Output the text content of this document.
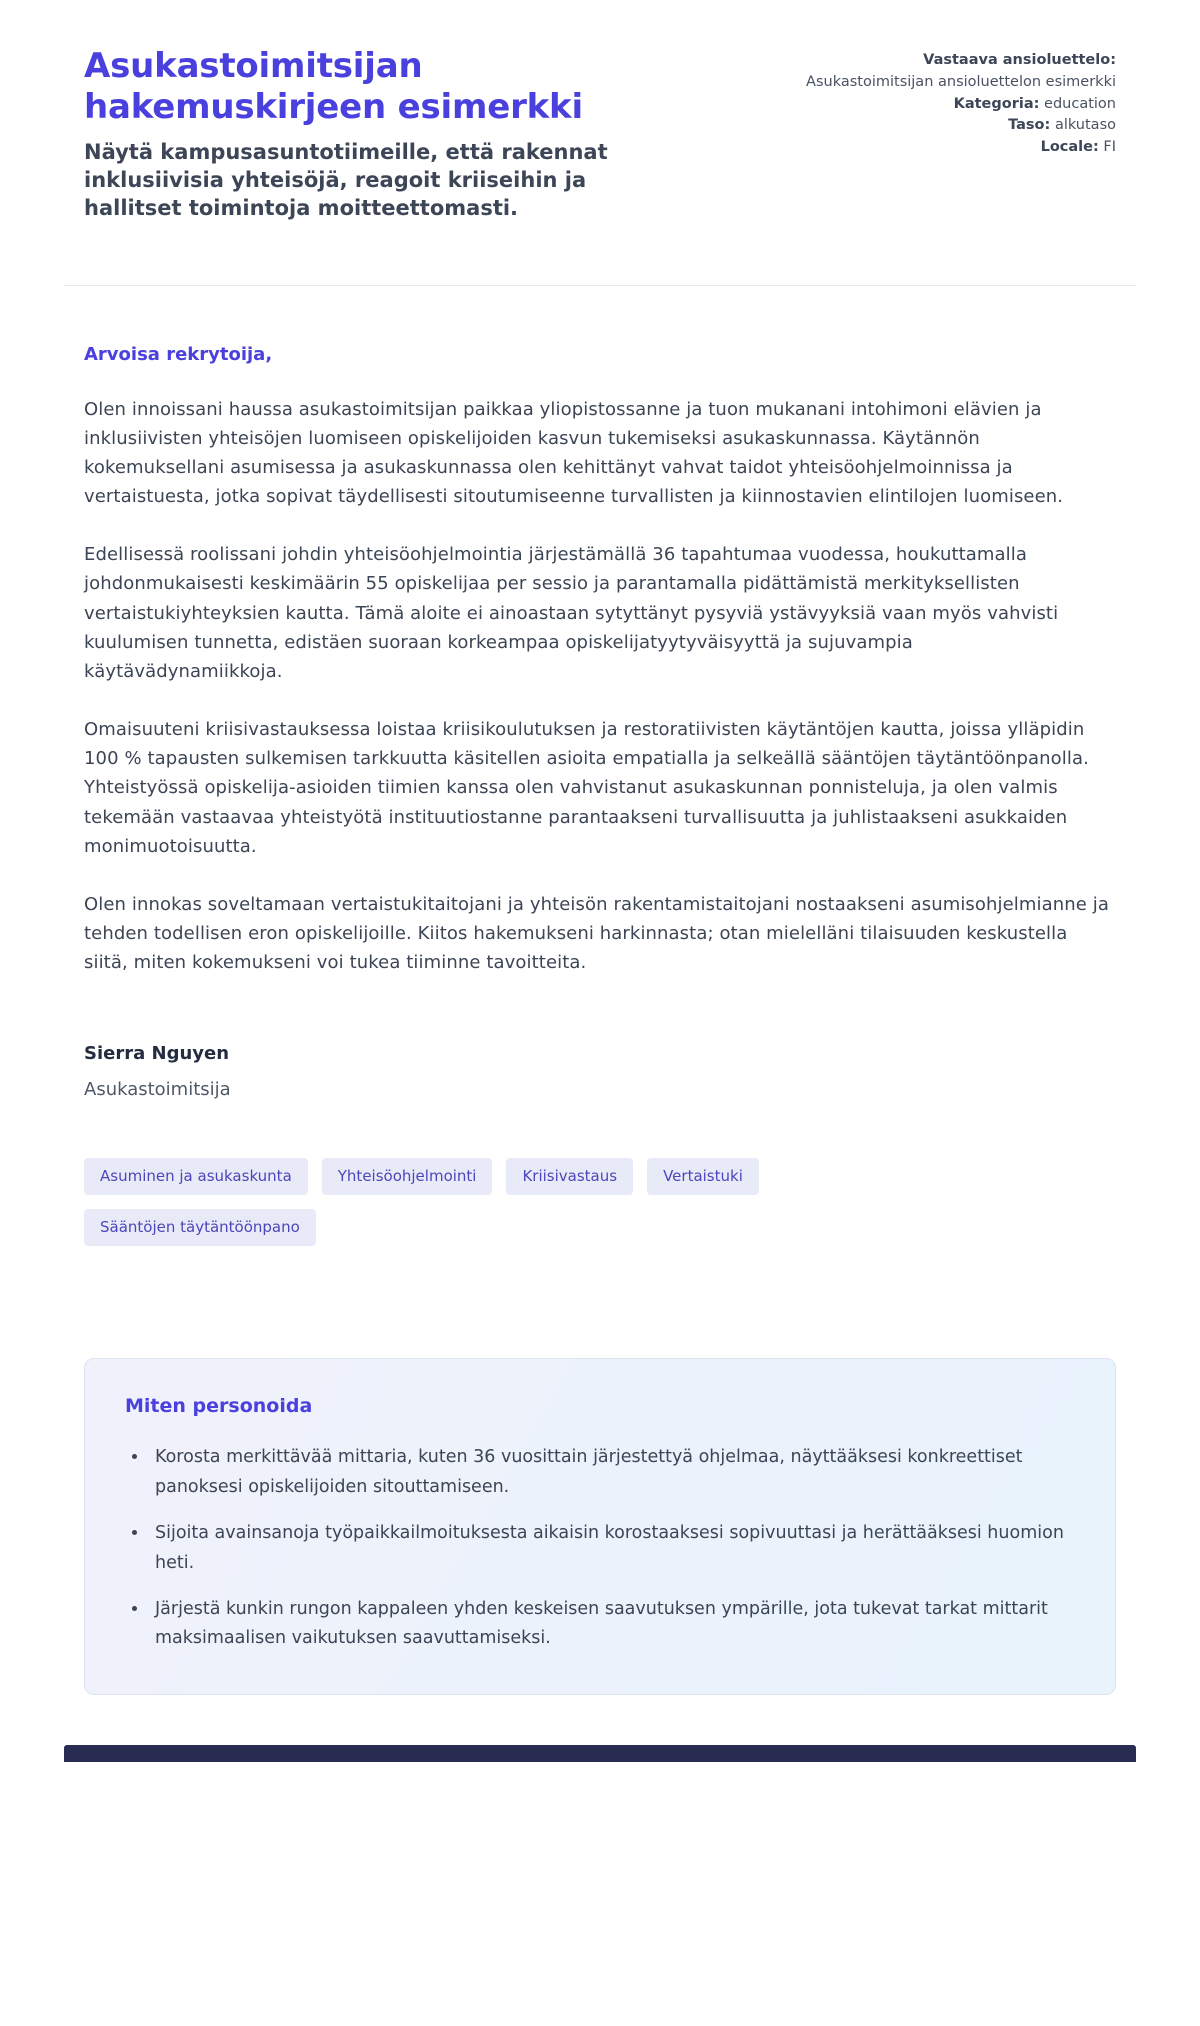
Asukastoimitsijan hakemuskirjeen esimerkki

Näytä kampusasuntotiimeille, että rakennat inklusiivisia yhteisöjä, reagoit kriiseihin ja hallitset toimintoja moitteettomasti.

Vastaava ansioluettelo: Asukastoimitsijan ansioluettelon esimerkki
Kategoria: education
Taso: alkutaso
Locale: FI

Arvoisa rekrytoija,

Olen innoissani haussa asukastoimitsijan paikkaa yliopistossanne ja tuon mukanani intohimoni elävien ja inklusiivisten yhteisöjen luomiseen opiskelijoiden kasvun tukemiseksi asukaskunnassa. Käytännön kokemuksellani asumisessa ja asukaskunnassa olen kehittänyt vahvat taidot yhteisöohjelmoinnissa ja vertaistuesta, jotka sopivat täydellisesti sitoutumiseenne turvallisten ja kiinnostavien elintilojen luomiseen.

Edellisessä roolissani johdin yhteisöohjelmointia järjestämällä 36 tapahtumaa vuodessa, houkuttamalla johdonmukaisesti keskimäärin 55 opiskelijaa per sessio ja parantamalla pidättämistä merkityksellisten vertaistukiyhteyksien kautta. Tämä aloite ei ainoastaan sytyttänyt pysyviä ystävyyksiä vaan myös vahvisti kuulumisen tunnetta, edistäen suoraan korkeampaa opiskelijatyytyväisyyttä ja sujuvampia käytävädynamiikkoja.

Omaisuuteni kriisivastauksessa loistaa kriisikoulutuksen ja restoratiivisten käytäntöjen kautta, joissa ylläpidin 100 % tapausten sulkemisen tarkkuutta käsitellen asioita empatialla ja selkeällä sääntöjen täytäntöönpanolla. Yhteistyössä opiskelija-asioiden tiimien kanssa olen vahvistanut asukaskunnan ponnisteluja, ja olen valmis tekemään vastaavaa yhteistyötä instituutiostanne parantaakseni turvallisuutta ja juhlistaakseni asukkaiden monimuotoisuutta.

Olen innokas soveltamaan vertaistukitaitojani ja yhteisön rakentamistaitojani nostaakseni asumisohjelmianne ja tehden todellisen eron opiskelijoille. Kiitos hakemukseni harkinnasta; otan mielelläni tilaisuuden keskustella siitä, miten kokemukseni voi tukea tiiminne tavoitteita.

Sierra Nguyen

Asukastoimitsija

Asuminen ja asukaskunta	Yhteisöohjelmointi	Kriisivastaus	Vertaistuki
Sääntöjen täytäntöönpano
Miten personoida
• Korosta merkittävää mittaria, kuten 36 vuosittain järjestettyä ohjelmaa, näyttääksesi konkreettiset panoksesi opiskelijoiden sitouttamiseen.
• Sijoita avainsanoja työpaikkailmoituksesta aikaisin korostaaksesi sopivuuttasi ja herättääksesi huomion heti.
• Järjestä kunkin rungon kappaleen yhden keskeisen saavutuksen ympärille, jota tukevat tarkat mittarit maksimaalisen vaikutuksen saavuttamiseksi.
